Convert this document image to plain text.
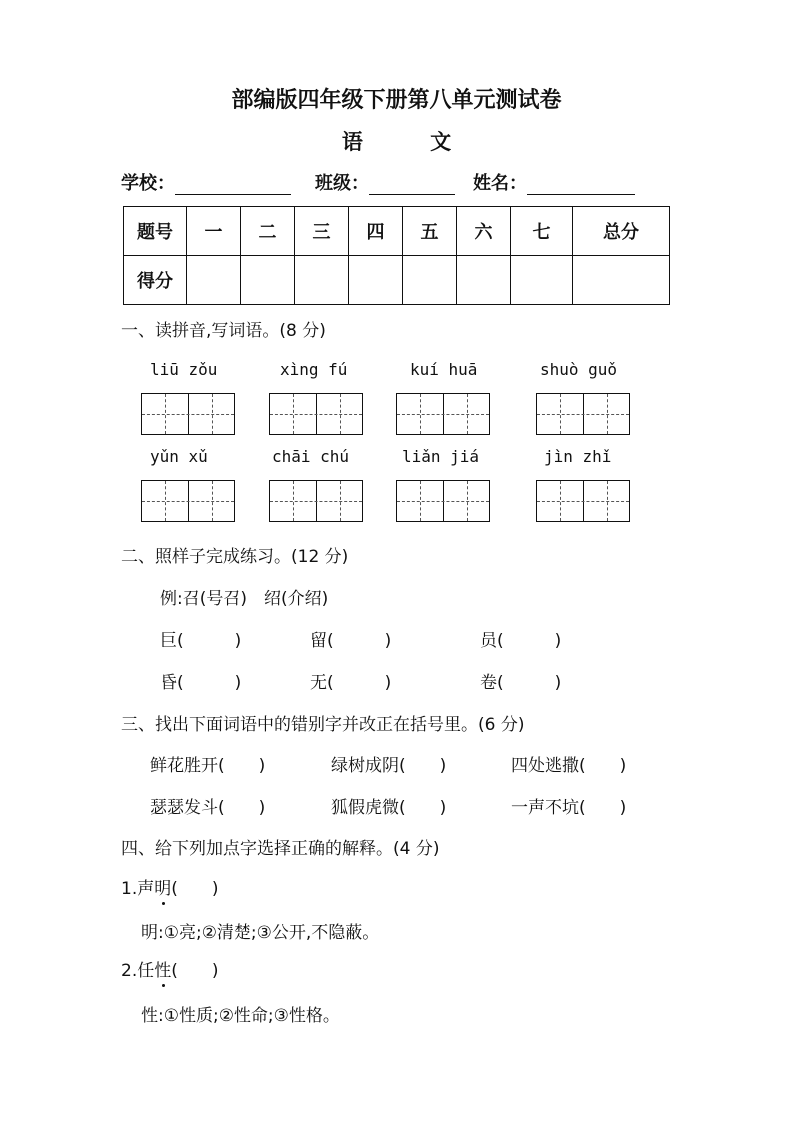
部编版四年级下册第八单元测试卷
语 文
学校：	班级：	姓名：
题号	一	二	三	四	五	六	七	总分
得分								
一、读拼音,写词语。(8 分)
liū zǒu	xìng fú	kuí huā	shuò guǒ
yǔn xǔ	chāi chú	liǎn jiá	jìn zhǐ
二、照样子完成练习。(12 分)
例:召(号召)　绍(介绍)
巨(　　　)	留(　　　)	员(　　　)
昏(　　　)	无(　　　)	卷(　　　)
三、找出下面词语中的错别字并改正在括号里。(6 分)
鲜花胜开(　　)	绿树成阴(　　)	四处逃撒(　　)
瑟瑟发斗(　　)	狐假虎微(　　)	一声不坑(　　)
四、给下列加点字选择正确的解释。(4 分)
1.声明(　　)
明:①亮;②清楚;③公开,不隐蔽。
2.任性(　　)
性:①性质;②性命;③性格。
